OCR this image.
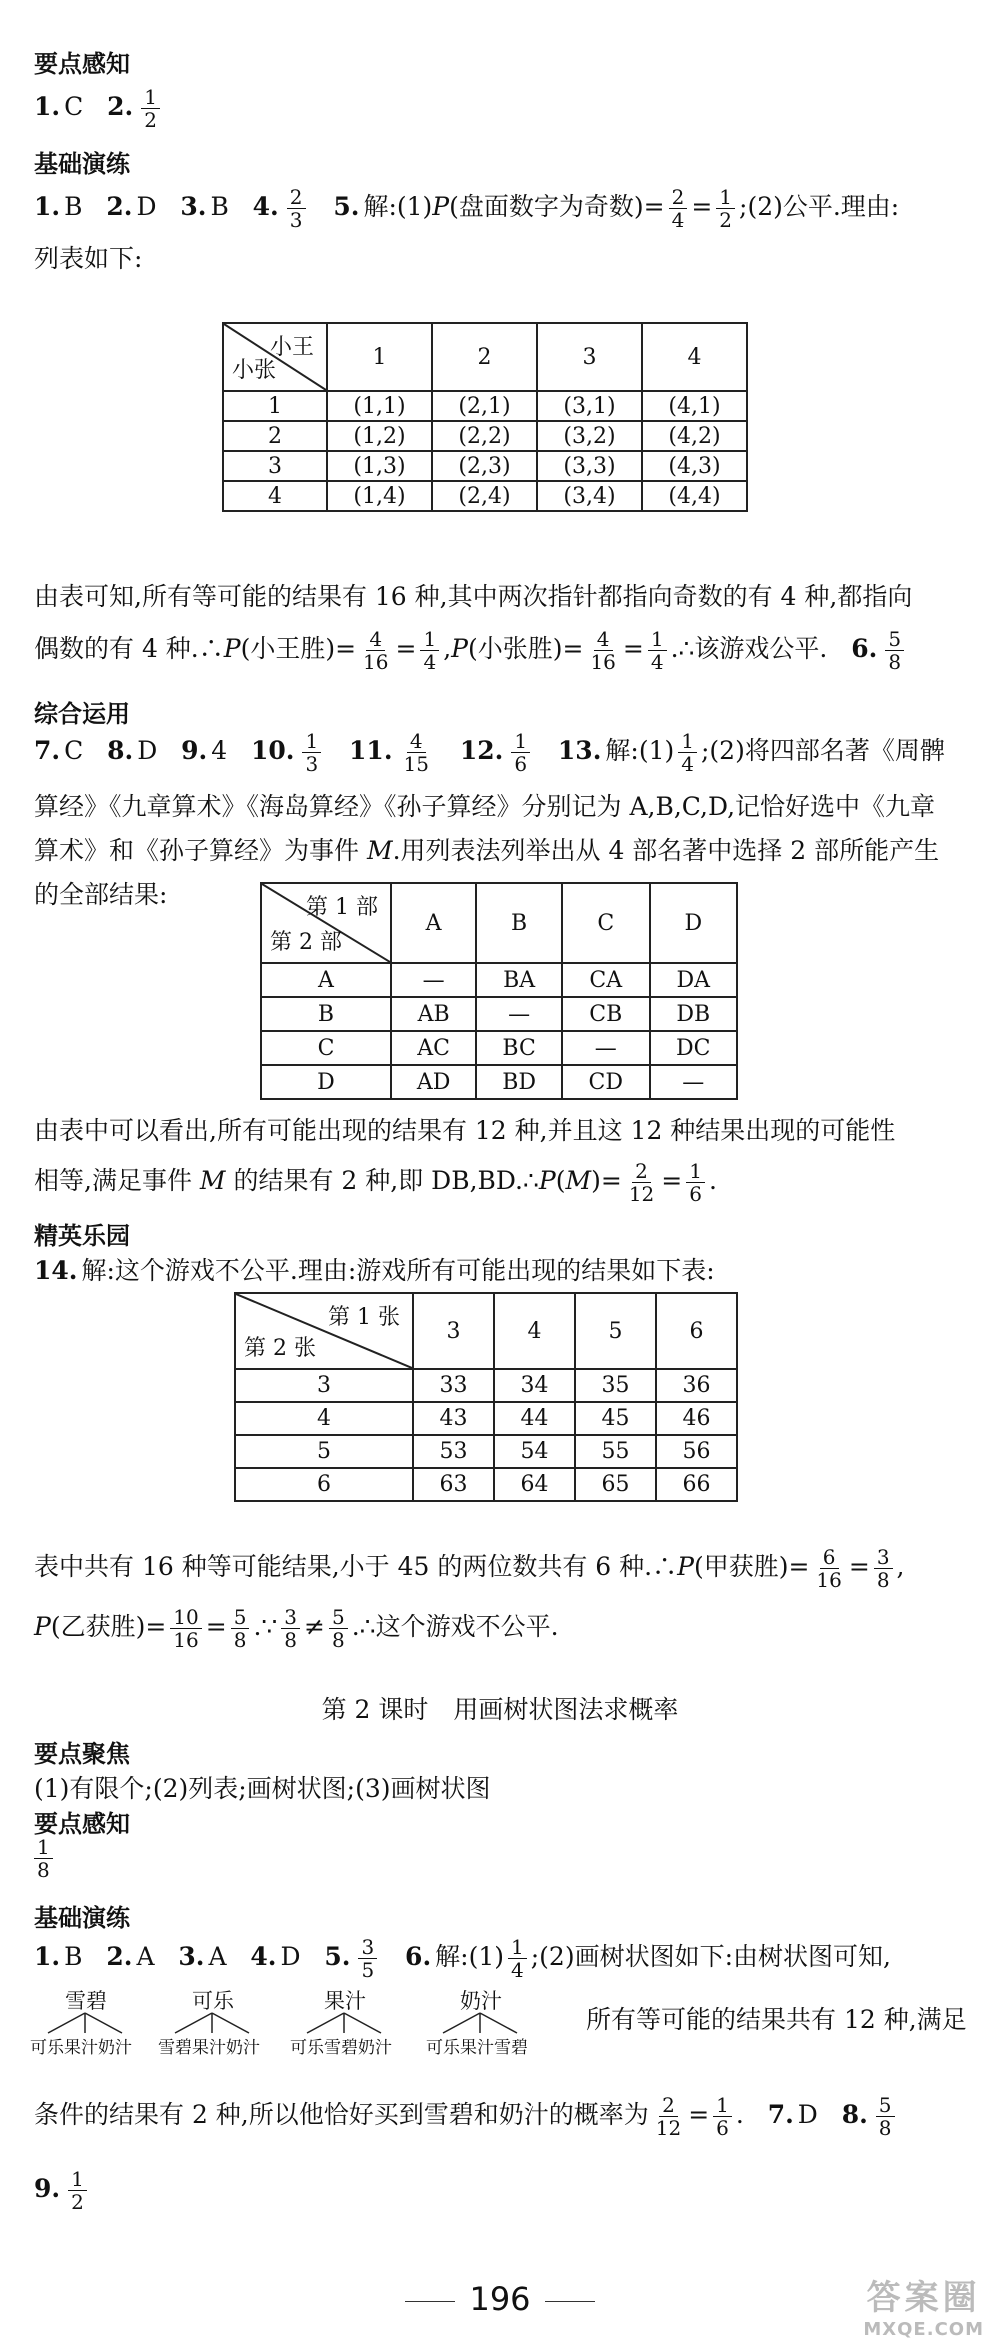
要点感知
1. C 2. $\frac{1}{2}$
基础演练
1. B 2. D 3. B 4. $\frac{2}{3} 5$. 解:(1)P(盘面数字为奇数)= $\frac{2}{4} = \frac{1}{2}$ ;(2)公平.理由:
列表如下:
小王
小张	1	2	3	4
1	(1,1)	(2,1)	(3,1)	(4,1)
2	(1,2)	(2,2)	(3,2)	(4,2)
3	(1,3)	(2,3)	(3,3)	(4,3)
4	(1,4)	(2,4)	(3,4)	(4,4)
由表可知,所有等可能的结果有 16 种,其中两次指针都指向奇数的有 4 种,都指向
偶数的有 4 种.∴P(小王胜)= $\frac{4}{16} = \frac{1}{4} ,P$(小张胜)= $\frac{4}{16} = \frac{1}{4}$ .∴该游戏公平. 6. $\frac{5}{8}$
综合运用
7. C 8. D 9. 4 10. $\frac{1}{3} 11$. $\frac{4}{15} 12$. $\frac{1}{6} 13$. 解:(1) $\frac{1}{4}$ ;(2)将四部名著《周髀
算经》《九章算术》《海岛算经》《孙子算经》分别记为 A,B,C,D,记恰好选中《九章
算术》和《孙子算经》为事件 M.用列表法列举出从 4 部名著中选择 2 部所能产生
的全部结果:	第 1 部
第 2 部	A	B	C	D
A	—	BA	CA	DA
B	AB	—	CB	DB
C	AC	BC	—	DC
D	AD	BD	CD	—
由表中可以看出,所有可能出现的结果有 12 种,并且这 12 种结果出现的可能性
相等,满足事件 M 的结果有 2 种,即 DB,BD.∴P(M)= $\frac{2}{12} = \frac{1}{6}$ .
精英乐园
14. 解:这个游戏不公平.理由:游戏所有可能出现的结果如下表:
第 1 张
第 2 张	3	4	5	6
3	33	34	35	36
4	43	44	45	46
5	53	54	55	56
6	63	64	65	66
表中共有 16 种等可能结果,小于 45 的两位数共有 6 种.∴P(甲获胜)= $\frac{6}{16} = \frac{3}{8}$ ,
P(乙获胜)= $\frac{10}{16} = \frac{5}{8}$ .∵ $\frac{3}{8} \ne \frac{5}{8}$ .∴这个游戏不公平.
第 2 课时　用画树状图法求概率
要点聚焦
(1)有限个;(2)列表;画树状图;(3)画树状图
要点感知
$\frac{1}{8}$
基础演练
1. B 2. A 3. A 4. D 5. $\frac{3}{5} 6$. 解:(1) $\frac{1}{4}$ ;(2)画树状图如下:由树状图可知,
雪碧	可乐	果汁	奶汁
可乐果汁奶汁 雪碧果汁奶汁 可乐雪碧奶汁 可乐果汁雪碧
所有等可能的结果共有 12 种,满足
条件的结果有 2 种,所以他恰好买到雪碧和奶汁的概率为 $\frac{2}{12} = \frac{1}{6}$ . 7. D 8. $\frac{5}{8}$
9. $\frac{1}{2}$
196	答案圈
MXQE.COM
